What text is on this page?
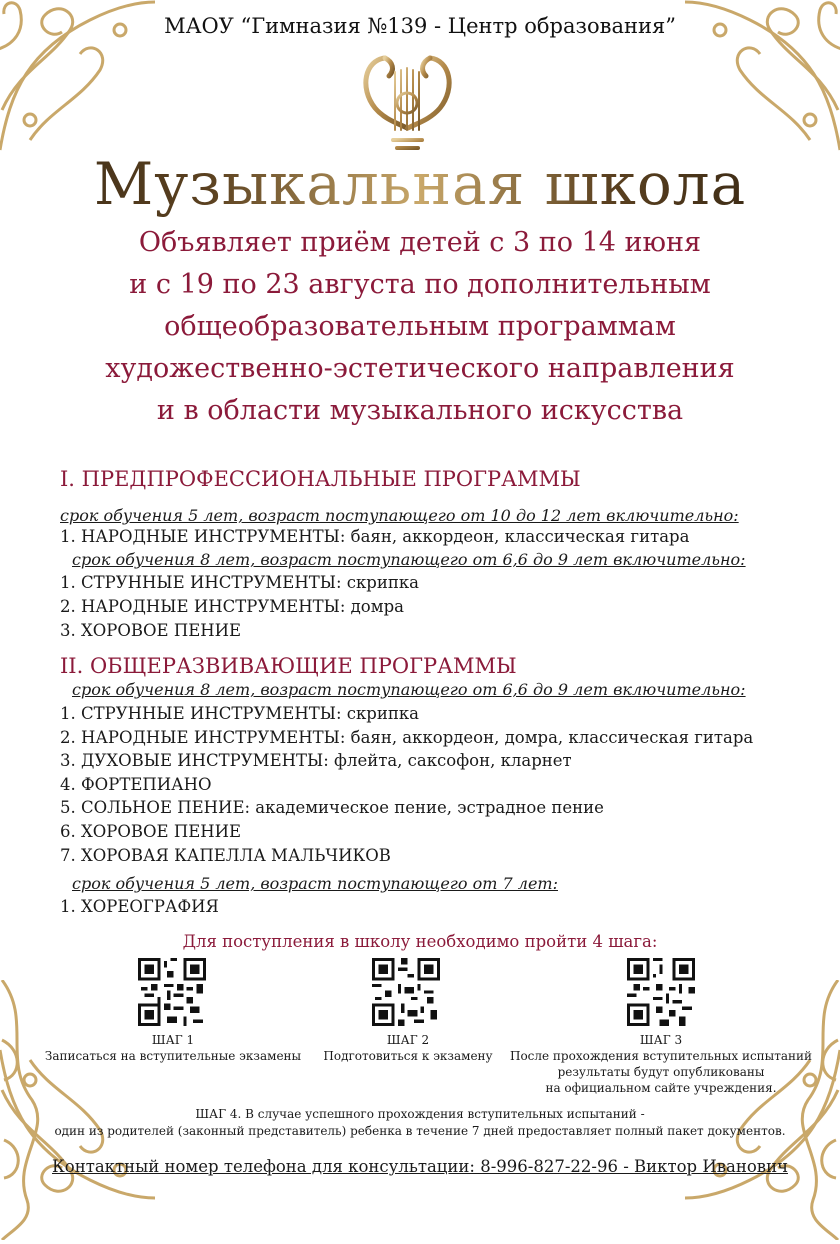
МАОУ “Гимназия №139 - Центр образования”
Музыкальная школа
Объявляет приём детей с 3 по 14 июня
и с 19 по 23 августа по дополнительным
общеобразовательным программам
художественно-эстетического направления
и в области музыкального искусства
I. ПРЕДПРОФЕССИОНАЛЬНЫЕ ПРОГРАММЫ
срок обучения 5 лет, возраст поступающего от 10 до 12 лет включительно:
1. НАРОДНЫЕ ИНСТРУМЕНТЫ: баян, аккордеон, классическая гитара
срок обучения 8 лет, возраст поступающего от 6,6 до 9 лет включительно:
1. СТРУННЫЕ ИНСТРУМЕНТЫ: скрипка
2. НАРОДНЫЕ ИНСТРУМЕНТЫ: домра
3. ХОРОВОЕ ПЕНИЕ
II. ОБЩЕРАЗВИВАЮЩИЕ ПРОГРАММЫ
срок обучения 8 лет, возраст поступающего от 6,6 до 9 лет включительно:
1. СТРУННЫЕ ИНСТРУМЕНТЫ: скрипка
2. НАРОДНЫЕ ИНСТРУМЕНТЫ: баян, аккордеон, домра, классическая гитара
3. ДУХОВЫЕ ИНСТРУМЕНТЫ: флейта, саксофон, кларнет
4. ФОРТЕПИАНО
5. СОЛЬНОЕ ПЕНИЕ: академическое пение, эстрадное пение
6. ХОРОВОЕ ПЕНИЕ
7. ХОРОВАЯ КАПЕЛЛА МАЛЬЧИКОВ
срок обучения 5 лет, возраст поступающего от 7 лет:
1. ХОРЕОГРАФИЯ
Для поступления в школу необходимо пройти 4 шага:
ШАГ 1
Записаться на вступительные экзамены
ШАГ 2
Подготовиться к экзамену
ШАГ 3
После прохождения вступительных испытаний
результаты будут опубликованы
на официальном сайте учреждения.
ШАГ 4. В случае успешного прохождения вступительных испытаний -
один из родителей (законный представитель) ребенка в течение 7 дней предоставляет полный пакет документов.
Контактный номер телефона для консультации: 8-996-827-22-96 - Виктор Иванович
